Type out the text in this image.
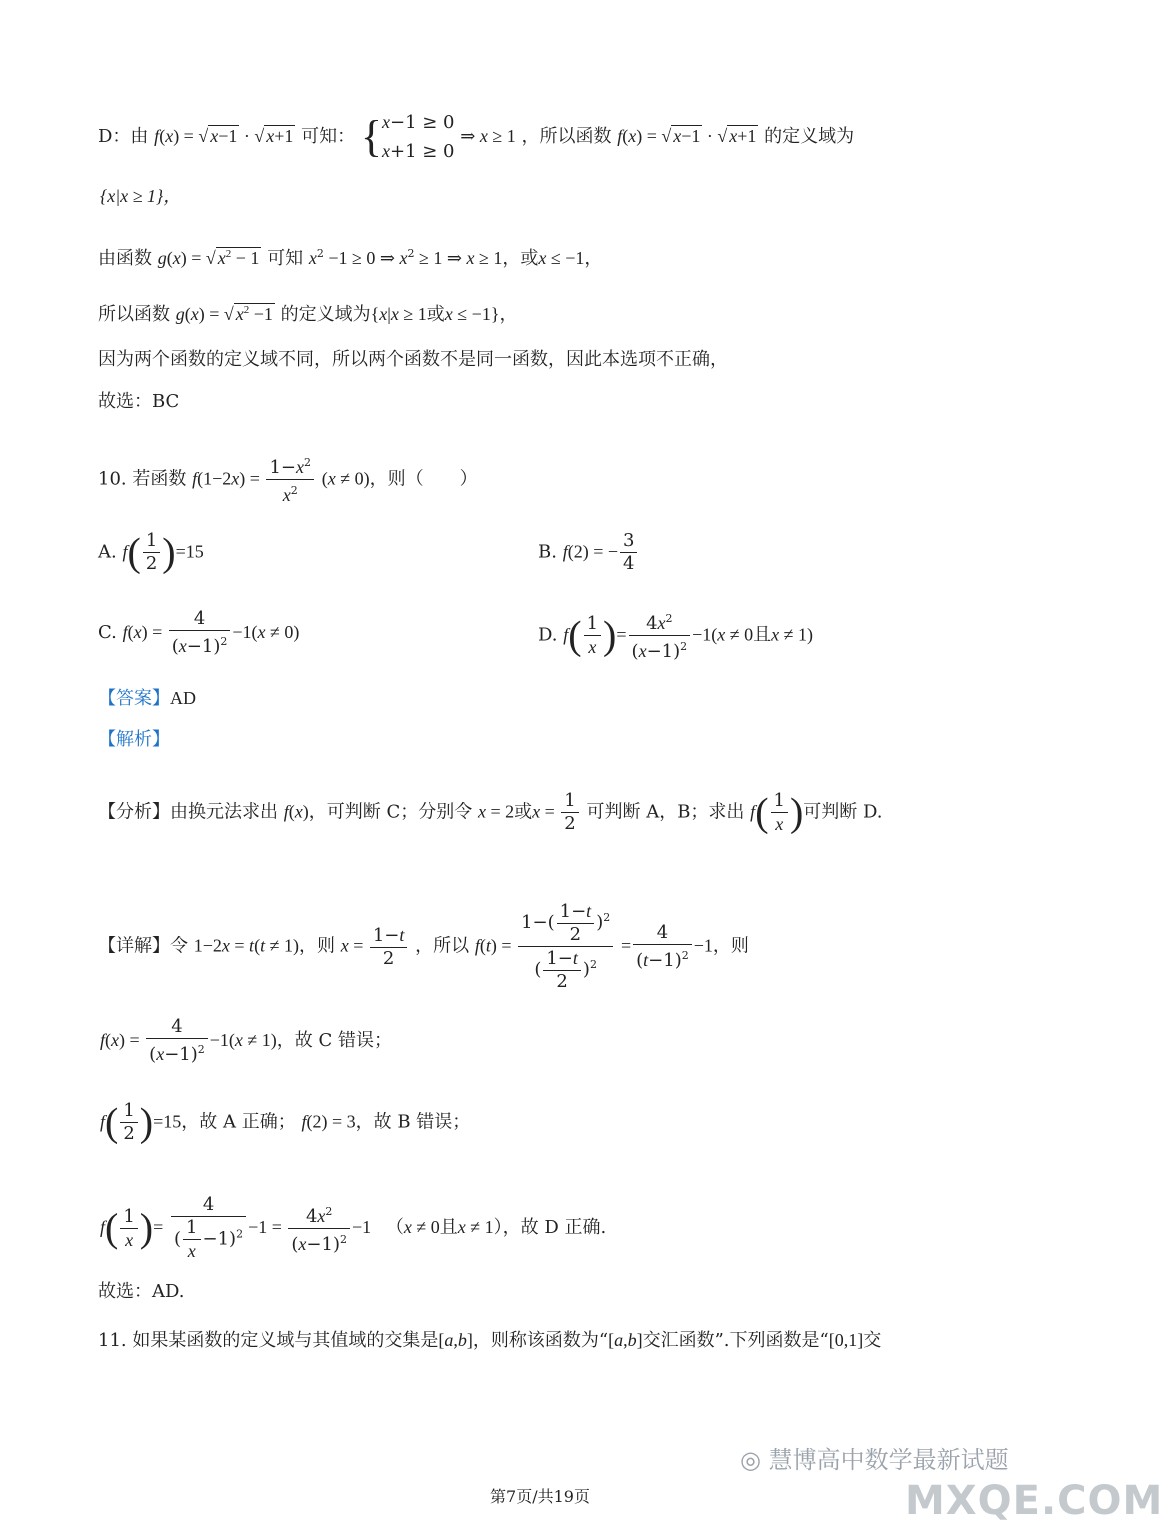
D：由 f(x) = √ x−1 · √ x+1 可知： {x−1 ≥ 0
x+1 ≥ 0 ⇒ x ≥ 1 ，所以函数 f(x) = √ x−1 · √ x+1 的定义域为
{x|x ≥ 1}，
由函数 g(x) = √ $x^2 - 1$ 可知 $x^2 -1 \ge 0$ ⇒ $x^2 \ge 1$ ⇒ x ≥ 1，或x ≤ −1，
所以函数 g(x) = √ $x^2 -1$ 的定义域为{x|x ≥ 1或x ≤ −1}，
因为两个函数的定义域不同，所以两个函数不是同一函数，因此本选项不正确，
故选：BC
10. 若函数 $f(1-2x) = \frac{1-x^2}{x^2} (x \ne 0)$，则（　　）
A. $f( \frac{1}{2} )=15$	B. f(2) = − $\frac{3}{4}$
C. $f(x) = \frac{4}{(x-1)^2} -1(x \ne 0)$	D. $f( \frac{1}{x}$ )= $\frac{4x^2}{(x-1)^2} -1(x \ne 0$且x ≠ 1)
【答案】AD
【解析】
【分析】由换元法求出 f(x)，可判断 C；分别令 x = 2或$x = \frac{1}{2}$ 可判断 A，B；求出 $f( \frac{1}{x}$ )可判断 D.
【详解】令 1−2x = t(t ≠ 1)，则 $x = \frac{1-t}{2}$ ，所以 $f(t) = \frac{1-( \frac{1-t}{2} )^2}{( \frac{1-t}{2} )^2} = \frac{4}{(t-1)^2} -1$，则
$f(x) = \frac{4}{(x-1)^2} -1(x \ne 1)$，故 C 错误；
$f( \frac{1}{2} )=15$，故 A 正确； f(2) = 3，故 B 错误；
$f( \frac{1}{x}$ )= $\frac{4}{( \frac{1}{x} -1)^2} -1 = \frac{4x^2}{(x-1)^2} -1$ 　（x ≠ 0且x ≠ 1），故 D 正确.
故选：AD.
11. 如果某函数的定义域与其值域的交集是[a,b]，则称该函数为“[a,b]交汇函数”.下列函数是“[0,1]交
◎ 慧博高中数学最新试题
MXQE.COM
第7页/共19页
